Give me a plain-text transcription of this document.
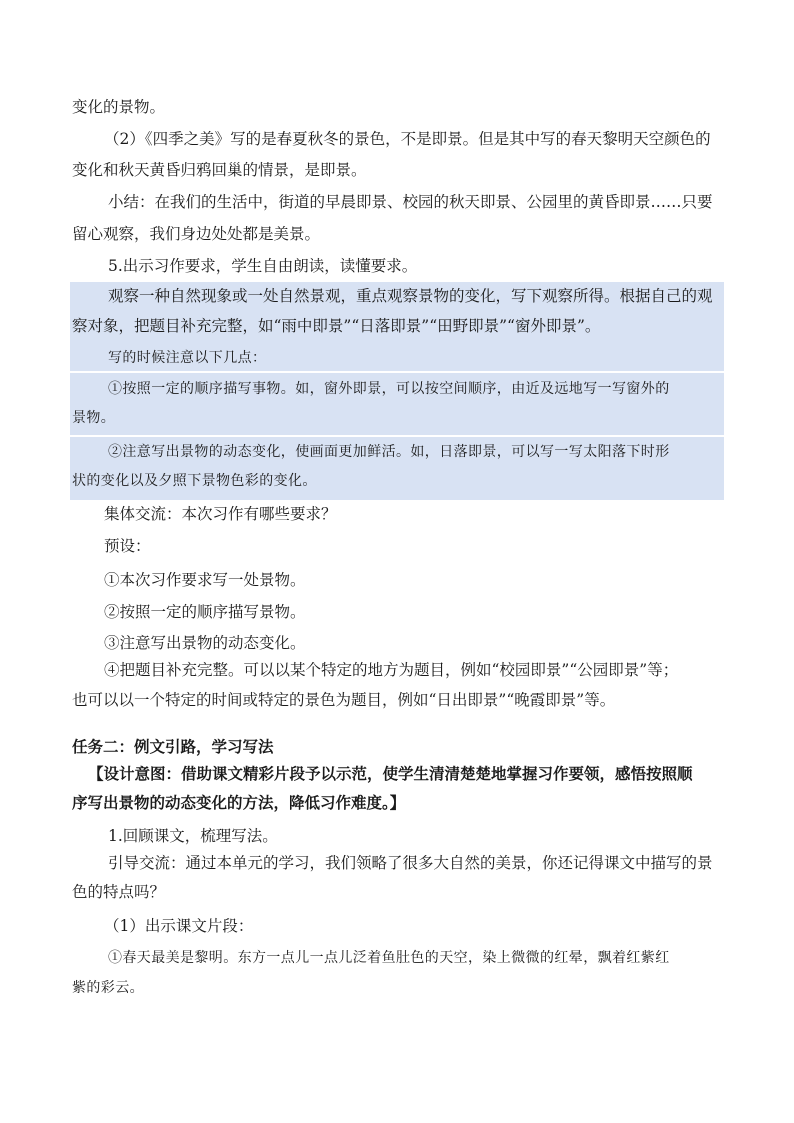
变化的景物。
（2）《四季之美》写的是春夏秋冬的景色，不是即景。但是其中写的春天黎明天空颜色的
变化和秋天黄昏归鸦回巢的情景，是即景。
小结：在我们的生活中，街道的早晨即景、校园的秋天即景、公园里的黄昏即景……只要
留心观察，我们身边处处都是美景。
5.出示习作要求，学生自由朗读，读懂要求。
观察一种自然现象或一处自然景观，重点观察景物的变化，写下观察所得。根据自己的观
察对象，把题目补充完整，如“雨中即景”“日落即景”“田野即景”“窗外即景”。
写的时候注意以下几点：
①按照一定的顺序描写事物。如，窗外即景，可以按空间顺序，由近及远地写一写窗外的
景物。
②注意写出景物的动态变化，使画面更加鲜活。如，日落即景，可以写一写太阳落下时形
状的变化以及夕照下景物色彩的变化。
集体交流：本次习作有哪些要求？
预设：
①本次习作要求写一处景物。
②按照一定的顺序描写景物。
③注意写出景物的动态变化。
④把题目补充完整。可以以某个特定的地方为题目，例如“校园即景”“公园即景”等；
也可以以一个特定的时间或特定的景色为题目，例如“日出即景”“晚霞即景”等。
任务二：例文引路，学习写法
【设计意图：借助课文精彩片段予以示范，使学生清清楚楚地掌握习作要领，感悟按照顺
序写出景物的动态变化的方法，降低习作难度。】
1.回顾课文，梳理写法。
引导交流：通过本单元的学习，我们领略了很多大自然的美景，你还记得课文中描写的景
色的特点吗？
（1）出示课文片段：
①春天最美是黎明。东方一点儿一点儿泛着鱼肚色的天空，染上微微的红晕，飘着红紫红
紫的彩云。
